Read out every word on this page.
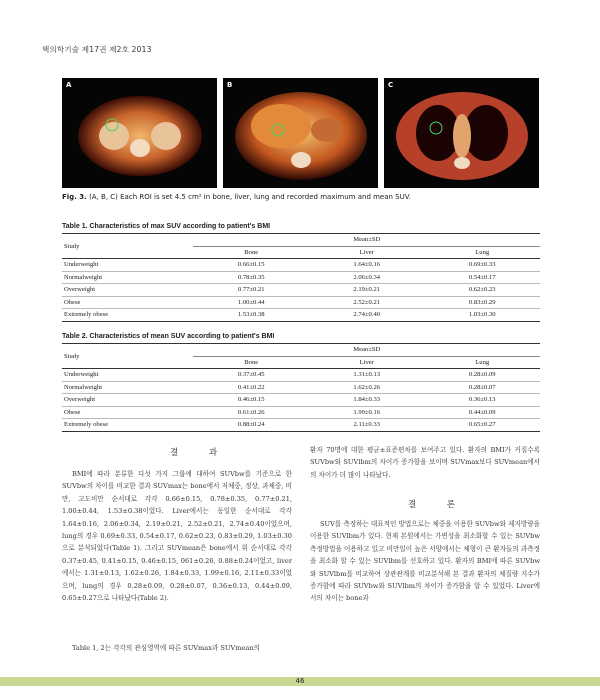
핵의학기술 제17권 제2호 2013
A	B	C
Fig. 3. (A, B, C) Each ROI is set 4.5 cm² in bone, liver, lung and recorded maximum and mean SUV.
Table 1. Characteristics of max SUV according to patient's BMI
Study	Mean±SD		
	Bone	Liver	Lung
Underweight	0.66±0.15	1.64±0.16	0.69±0.33
Normalweight	0.78±0.35	2.06±0.34	0.54±0.17
Overweight	0.77±0.21	2.19±0.21	0.62±0.23
Obese	1.00±0.44	2.52±0.21	0.83±0.29
Extremely obese	1.53±0.38	2.74±0.40	1.03±0.30
Table 2. Characteristics of mean SUV according to patient's BMI
Study	Mean±SD		
	Bone	Liver	Lung
Underweight	0.37±0.45	1.31±0.13	0.28±0.09
Normalweight	0.41±0.22	1.62±0.26	0.28±0.07
Overweight	0.46±0.15	1.84±0.33	0.36±0.13
Obese	0.61±0.26	1.99±0.16	0.44±0.09
Extremely obese	0.88±0.24	2.11±0.33	0.65±0.27
결 과
BMI에 따라 분류한 다섯 가지 그룹에 대하여 SUVbw를 기준으로 한 SUVbw의 차이를 비교한 결과 SUVmax는 bone에서 저체중, 정상, 과체중, 비만, 고도비만 순서대로 각각 0.66±0.15, 0.78±0.35, 0.77±0.21, 1.00±0.44, 1.53±0.38이었다. Liver에서는 동일한 순서대로 각각 1.64±0.16, 2.06±0.34, 2.19±0.21, 2.52±0.21, 2.74±0.40이었으며, lung의 경우 0.69±0.33, 0.54±0.17, 0.62±0.23, 0.83±0.29, 1.03±0.30으로 분석되었다(Table 1). 그리고 SUVmean은 bone에서 위 순서대로 각각 0.37±0.45, 0.41±0.15, 0.46±0.15, 061±0.26, 0.88±0.24이었고, liver에서는 1.31±0.13, 1.62±0.26, 1.84±0.33, 1.99±0.16, 2.11±0.33이었으며, lung의 경우 0.28±0.09, 0.28±0.07, 0.36±0.13, 0.44±0.09, 0.65±0.27으로 나타났다(Table 2).
Table 1, 2는 각각의 관심영역에 따른 SUVmax과 SUVmean의
환자 70명에 대한 평균±표준편차를 보여주고 있다. 환자의 BMI가 커질수록 SUVbw와 SUVlbm의 차이가 증가함을 보이며 SUVmax보다 SUVmean에서의 차이가 더 많이 나타났다.
결 론
SUV를 측정하는 대표적인 방법으로는 체중을 이용한 SUVbw와 제지방량을 이용한 SUVlbm가 있다. 현재 본원에서는 가변성을 최소화할 수 있는 SUVbw 측정방법을 이용하고 있고 비만일이 높은 서양에서는 체형이 큰 환자들의 과측정을 최소화 할 수 있는 SUVlbm를 선호하고 있다. 환자의 BMI에 따른 SUVbw와 SUVlbm를 비교하여 상관관계를 비교분석해 본 결과 환자의 체질량 지수가 증가함에 따라 SUVbw와 SUVlbm의 차이가 증가함을 알 수 있었다. Liver에서의 차이는 bone과
46
